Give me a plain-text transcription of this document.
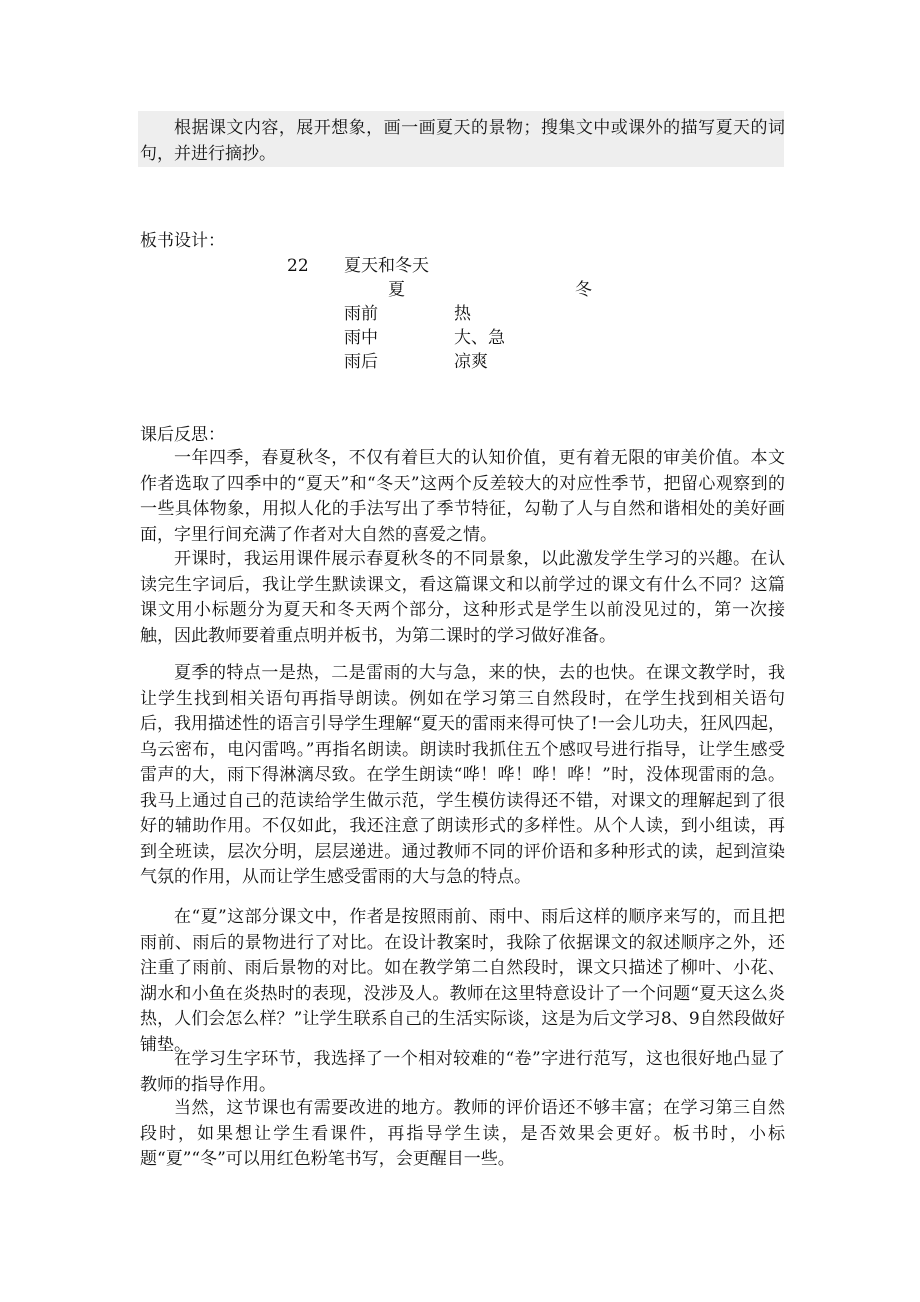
根据课文内容，展开想象，画一画夏天的景物；搜集文中或课外的描写夏天的词句，并进行摘抄。

板书设计：
22 夏天和冬天
夏	冬
雨前	热
雨中	大、急
雨后	凉爽
课后反思：

一年四季，春夏秋冬，不仅有着巨大的认知价值，更有着无限的审美价值。本文作者选取了四季中的“夏天”和“冬天”这两个反差较大的对应性季节，把留心观察到的一些具体物象，用拟人化的手法写出了季节特征，勾勒了人与自然和谐相处的美好画面，字里行间充满了作者对大自然的喜爱之情。

开课时，我运用课件展示春夏秋冬的不同景象，以此激发学生学习的兴趣。在认读完生字词后，我让学生默读课文，看这篇课文和以前学过的课文有什么不同？这篇课文用小标题分为夏天和冬天两个部分，这种形式是学生以前没见过的，第一次接触，因此教师要着重点明并板书，为第二课时的学习做好准备。

夏季的特点一是热，二是雷雨的大与急，来的快，去的也快。在课文教学时，我让学生找到相关语句再指导朗读。例如在学习第三自然段时，在学生找到相关语句后，我用描述性的语言引导学生理解“夏天的雷雨来得可快了!一会儿功夫，狂风四起，乌云密布，电闪雷鸣。”再指名朗读。朗读时我抓住五个感叹号进行指导，让学生感受雷声的大，雨下得淋漓尽致。在学生朗读“哗！哗！哗！哗！”时，没体现雷雨的急。我马上通过自己的范读给学生做示范，学生模仿读得还不错，对课文的理解起到了很好的辅助作用。不仅如此，我还注意了朗读形式的多样性。从个人读，到小组读，再到全班读，层次分明，层层递进。通过教师不同的评价语和多种形式的读，起到渲染气氛的作用，从而让学生感受雷雨的大与急的特点。

在“夏”这部分课文中，作者是按照雨前、雨中、雨后这样的顺序来写的，而且把雨前、雨后的景物进行了对比。在设计教案时，我除了依据课文的叙述顺序之外，还注重了雨前、雨后景物的对比。如在教学第二自然段时，课文只描述了柳叶、小花、湖水和小鱼在炎热时的表现，没涉及人。教师在这里特意设计了一个问题“夏天这么炎热，人们会怎么样？”让学生联系自己的生活实际谈，这是为后文学习8、9自然段做好铺垫。

在学习生字环节，我选择了一个相对较难的“卷”字进行范写，这也很好地凸显了教师的指导作用。

当然，这节课也有需要改进的地方。教师的评价语还不够丰富；在学习第三自然段时，如果想让学生看课件，再指导学生读，是否效果会更好。板书时，小标题“夏”“冬”可以用红色粉笔书写，会更醒目一些。
